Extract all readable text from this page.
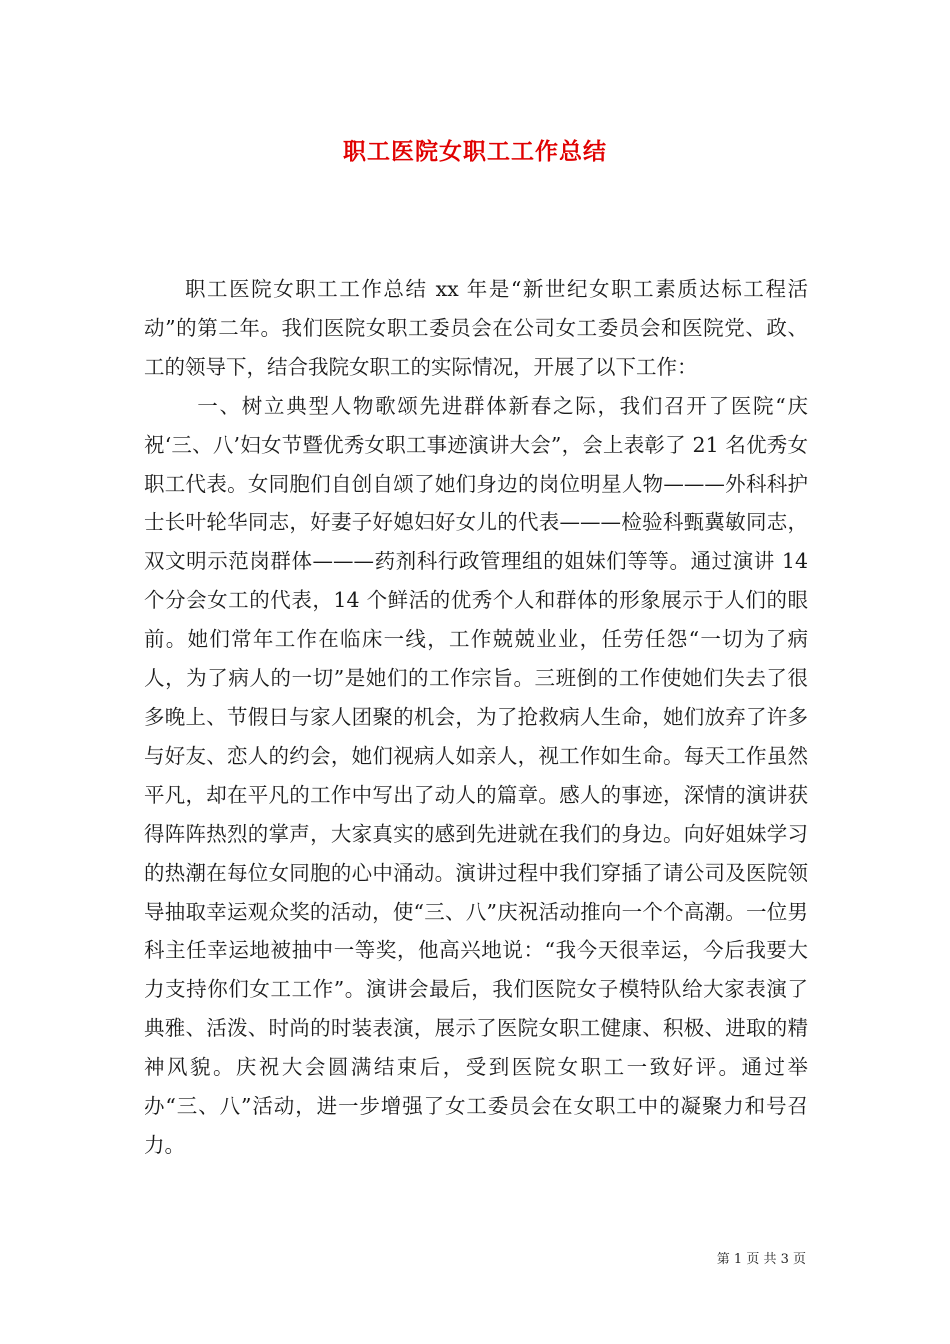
职工医院女职工工作总结

职工医院女职工工作总结 xx 年是“新世纪女职工素质达标工程活动”的第二年。我们医院女职工委员会在公司女工委员会和医院党、政、工的领导下，结合我院女职工的实际情况，开展了以下工作：

一、树立典型人物歌颂先进群体新春之际，我们召开了医院“庆祝‘三、八’妇女节暨优秀女职工事迹演讲大会”，会上表彰了 21 名优秀女职工代表。女同胞们自创自颂了她们身边的岗位明星人物———外科科护士长叶轮华同志，好妻子好媳妇好女儿的代表———检验科甄冀敏同志，双文明示范岗群体———药剂科行政管理组的姐妹们等等。通过演讲 14 个分会女工的代表，14 个鲜活的优秀个人和群体的形象展示于人们的眼前。她们常年工作在临床一线，工作兢兢业业，任劳任怨“一切为了病人，为了病人的一切”是她们的工作宗旨。三班倒的工作使她们失去了很多晚上、节假日与家人团聚的机会，为了抢救病人生命，她们放弃了许多与好友、恋人的约会，她们视病人如亲人，视工作如生命。每天工作虽然平凡，却在平凡的工作中写出了动人的篇章。感人的事迹，深情的演讲获得阵阵热烈的掌声，大家真实的感到先进就在我们的身边。向好姐妹学习的热潮在每位女同胞的心中涌动。演讲过程中我们穿插了请公司及医院领导抽取幸运观众奖的活动，使“三、八”庆祝活动推向一个个高潮。一位男科主任幸运地被抽中一等奖，他高兴地说：“我今天很幸运，今后我要大力支持你们女工工作”。演讲会最后，我们医院女子模特队给大家表演了典雅、活泼、时尚的时装表演，展示了医院女职工健康、积极、进取的精神风貌。庆祝大会圆满结束后，受到医院女职工一致好评。通过举办“三、八”活动，进一步增强了女工委员会在女职工中的凝聚力和号召力。

第 1 页 共 3 页
